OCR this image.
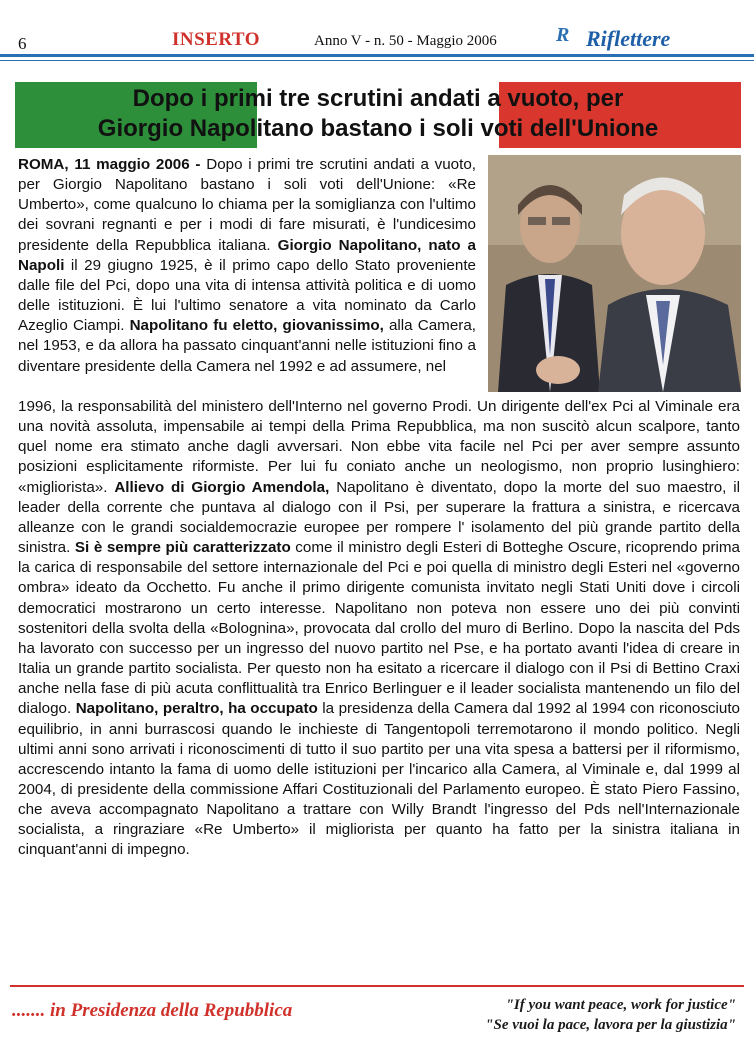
6	INSERTO	Anno V - n. 50 - Maggio 2006	R Riflettere
Dopo i primi tre scrutini andati a vuoto, per
Giorgio Napolitano bastano i soli voti dell'Unione
ROMA, 11 maggio 2006 - Dopo i primi tre scrutini andati a vuoto, per Giorgio Napolitano bastano i soli voti dell'Unione: «Re Umberto», come qualcuno lo chiama per la somiglianza con l'ultimo dei sovrani regnanti e per i modi di fare misurati, è l'undicesimo presidente della Repubblica italiana. Giorgio Napolitano, nato a Napoli il 29 giugno 1925, è il primo capo dello Stato proveniente dalle file del Pci, dopo una vita di intensa attività politica e di uomo delle istituzioni. È lui l'ultimo senatore a vita nominato da Carlo Azeglio Ciampi. Napolitano fu eletto, giovanissimo, alla Camera, nel 1953, e da allora ha passato cinquant'anni nelle istituzioni fino a diventare presidente della Camera nel 1992 e ad assumere, nel
1996, la responsabilità del ministero dell'Interno nel governo Prodi. Un dirigente dell'ex Pci al Viminale era una novità assoluta, impensabile ai tempi della Prima Repubblica, ma non suscitò alcun scalpore, tanto quel nome era stimato anche dagli avversari. Non ebbe vita facile nel Pci per aver sempre assunto posizioni esplicitamente riformiste. Per lui fu coniato anche un neologismo, non proprio lusinghiero: «migliorista». Allievo di Giorgio Amendola, Napolitano è diventato, dopo la morte del suo maestro, il leader della corrente che puntava al dialogo con il Psi, per superare la frattura a sinistra, e ricercava alleanze con le grandi socialdemocrazie europee per rompere l' isolamento del più grande partito della sinistra. Si è sempre più caratterizzato come il ministro degli Esteri di Botteghe Oscure, ricoprendo prima la carica di responsabile del settore internazionale del Pci e poi quella di ministro degli Esteri nel «governo ombra» ideato da Occhetto. Fu anche il primo dirigente comunista invitato negli Stati Uniti dove i circoli democratici mostrarono un certo interesse. Napolitano non poteva non essere uno dei più convinti sostenitori della svolta della «Bolognina», provocata dal crollo del muro di Berlino. Dopo la nascita del Pds ha lavorato con successo per un ingresso del nuovo partito nel Pse, e ha portato avanti l'idea di creare in Italia un grande partito socialista. Per questo non ha esitato a ricercare il dialogo con il Psi di Bettino Craxi anche nella fase di più acuta conflittualità tra Enrico Berlinguer e il leader socialista mantenendo un filo del dialogo. Napolitano, peraltro, ha occupato la presidenza della Camera dal 1992 al 1994 con riconosciuto equilibrio, in anni burrascosi quando le inchieste di Tangentopoli terremotarono il mondo politico. Negli ultimi anni sono arrivati i riconoscimenti di tutto il suo partito per una vita spesa a battersi per il riformismo, accrescendo intanto la fama di uomo delle istituzioni per l'incarico alla Camera, al Viminale e, dal 1999 al 2004, di presidente della commissione Affari Costituzionali del Parlamento europeo. È stato Piero Fassino, che aveva accompagnato Napolitano a trattare con Willy Brandt l'ingresso del Pds nell'Internazionale socialista, a ringraziare «Re Umberto» il migliorista per quanto ha fatto per la sinistra italiana in cinquant'anni di impegno.
....... in Presidenza della Repubblica	"If you want peace, work for justice"
"Se vuoi la pace, lavora per la giustizia"
